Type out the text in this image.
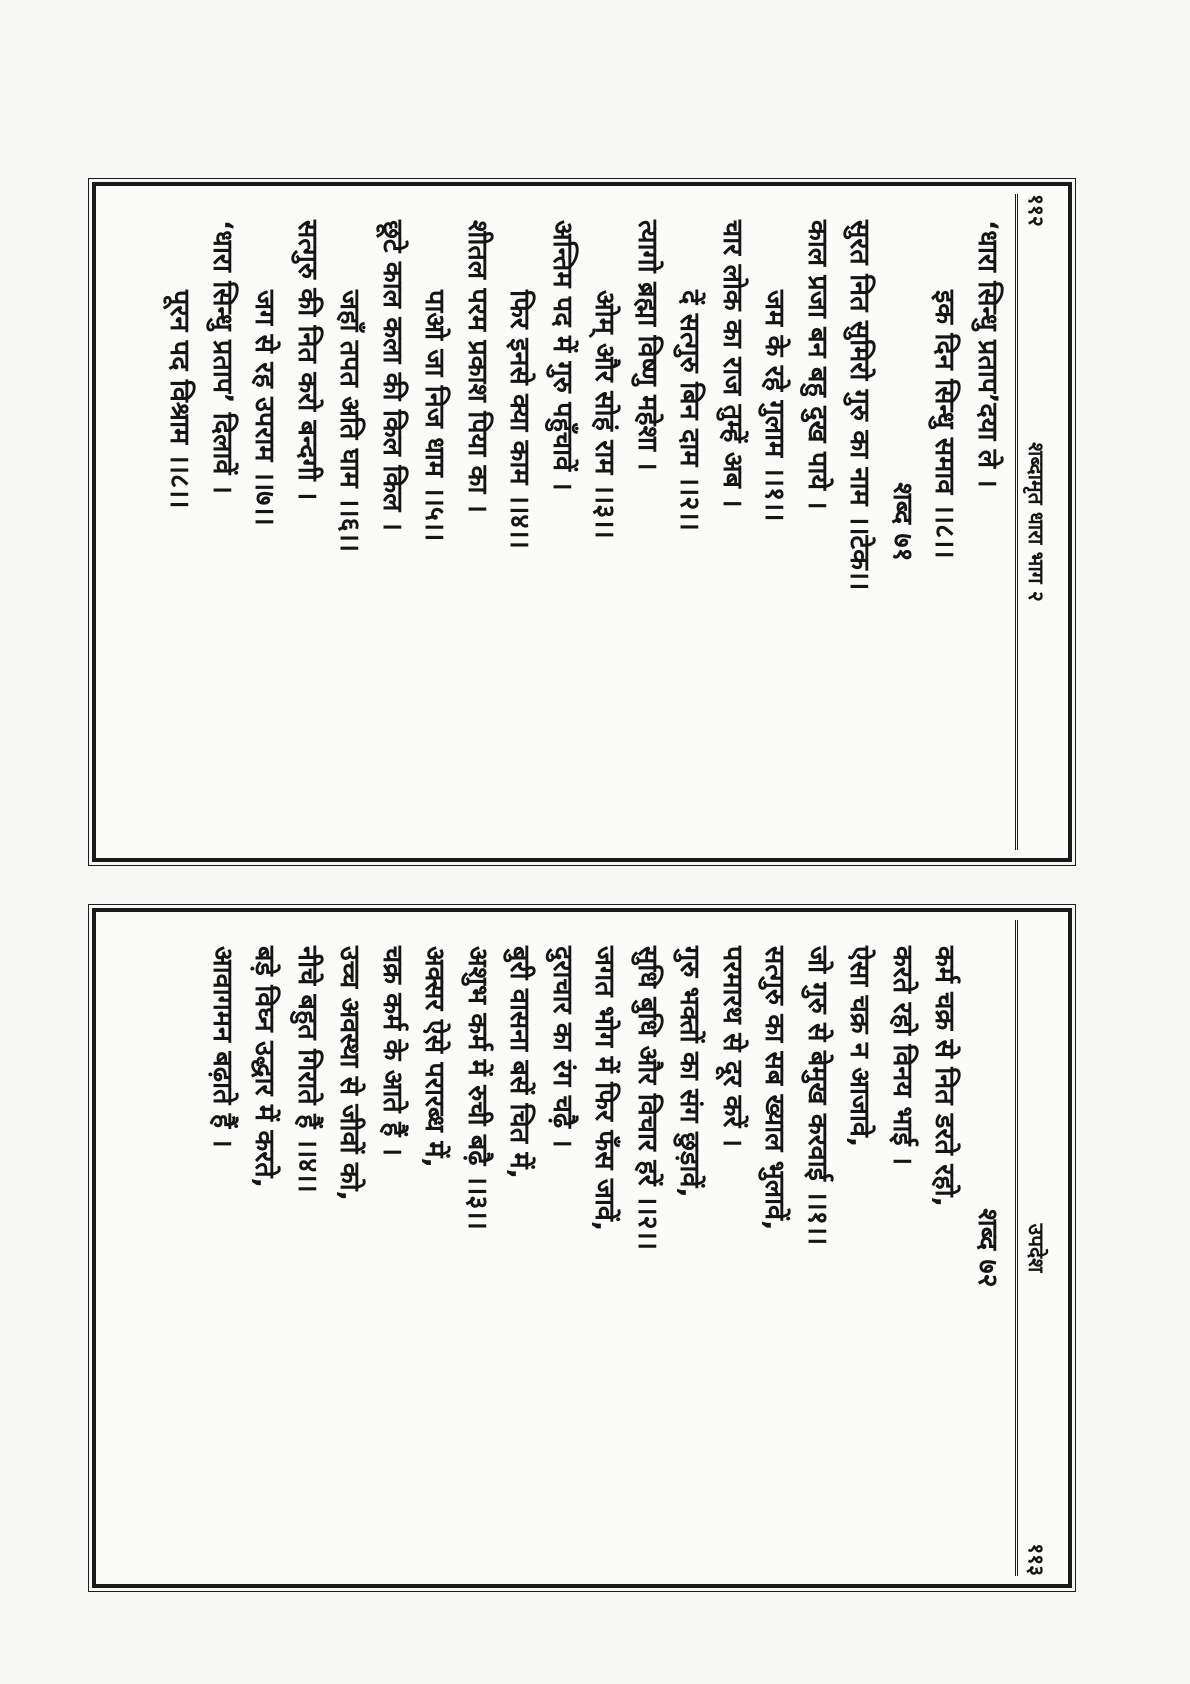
११२
शब्दामृत धारा भाग २
‘धारा सिन्धु प्रताप’दया ले ।
इक दिन सिन्धु समाव ।।८।।
शब्द ७१
सुरत नित सुमिरो गुरु का नाम ।।टेक।।
काल प्रजा बन बहु दुख पाये ।
जम के रहे गुलाम ।।१।।
चार लोक का राज तुम्हें अब ।
दें सत्गुरु बिन दाम ।।२।।
त्यागो ब्रह्मा विष्णु महेशा ।
ओम् और सोहं राम ।।३।।
अन्तिम पद में गुरु पहुँचावें ।
फिर इनसे क्या काम ।।४।।
शीतल परम प्रकाश पिया का ।
पाओ जा निज धाम ।।५।।
छूटे काल कला की किल किल ।
जहाँ तपत अति घाम ।।६।।
सत्गुरु की नित करो बन्दगी ।
जग से रह उपराम ।।७।।
‘धारा सिन्धु प्रताप’ दिलावें ।
पूरन पद विश्राम ।।८।।
उपदेश
११३
शब्द ७२
कर्म चक्र से नित डरते रहो,
करते रहो विनय भाई ।
ऐसा चक्र न आजावे,
जो गुरु से बेमुख करवाई ।।१।।
सत्गुरु का सब ख्याल भुलावें,
परमारथ से दूर करें ।
गुरु भक्तों का संग छुड़ावें,
सुधि बुधि और विचार हरें ।।२।।
जगत भोग में फिर फँस जावें,
दुराचार का रंग चढ़ै ।
बुरी वासना बसें चित में,
अशुभ कर्म में रुची बढ़ै ।।३।।
अक्सर ऐसे परारब्ध में,
चक्र कर्म के आते हैं ।
उच्च अवस्था से जीवों को,
नीचे बहुत गिराते हैं ।।४।।
बड़े विघ्न उद्धार में करते,
आवागमन बढ़ाते हैं ।
